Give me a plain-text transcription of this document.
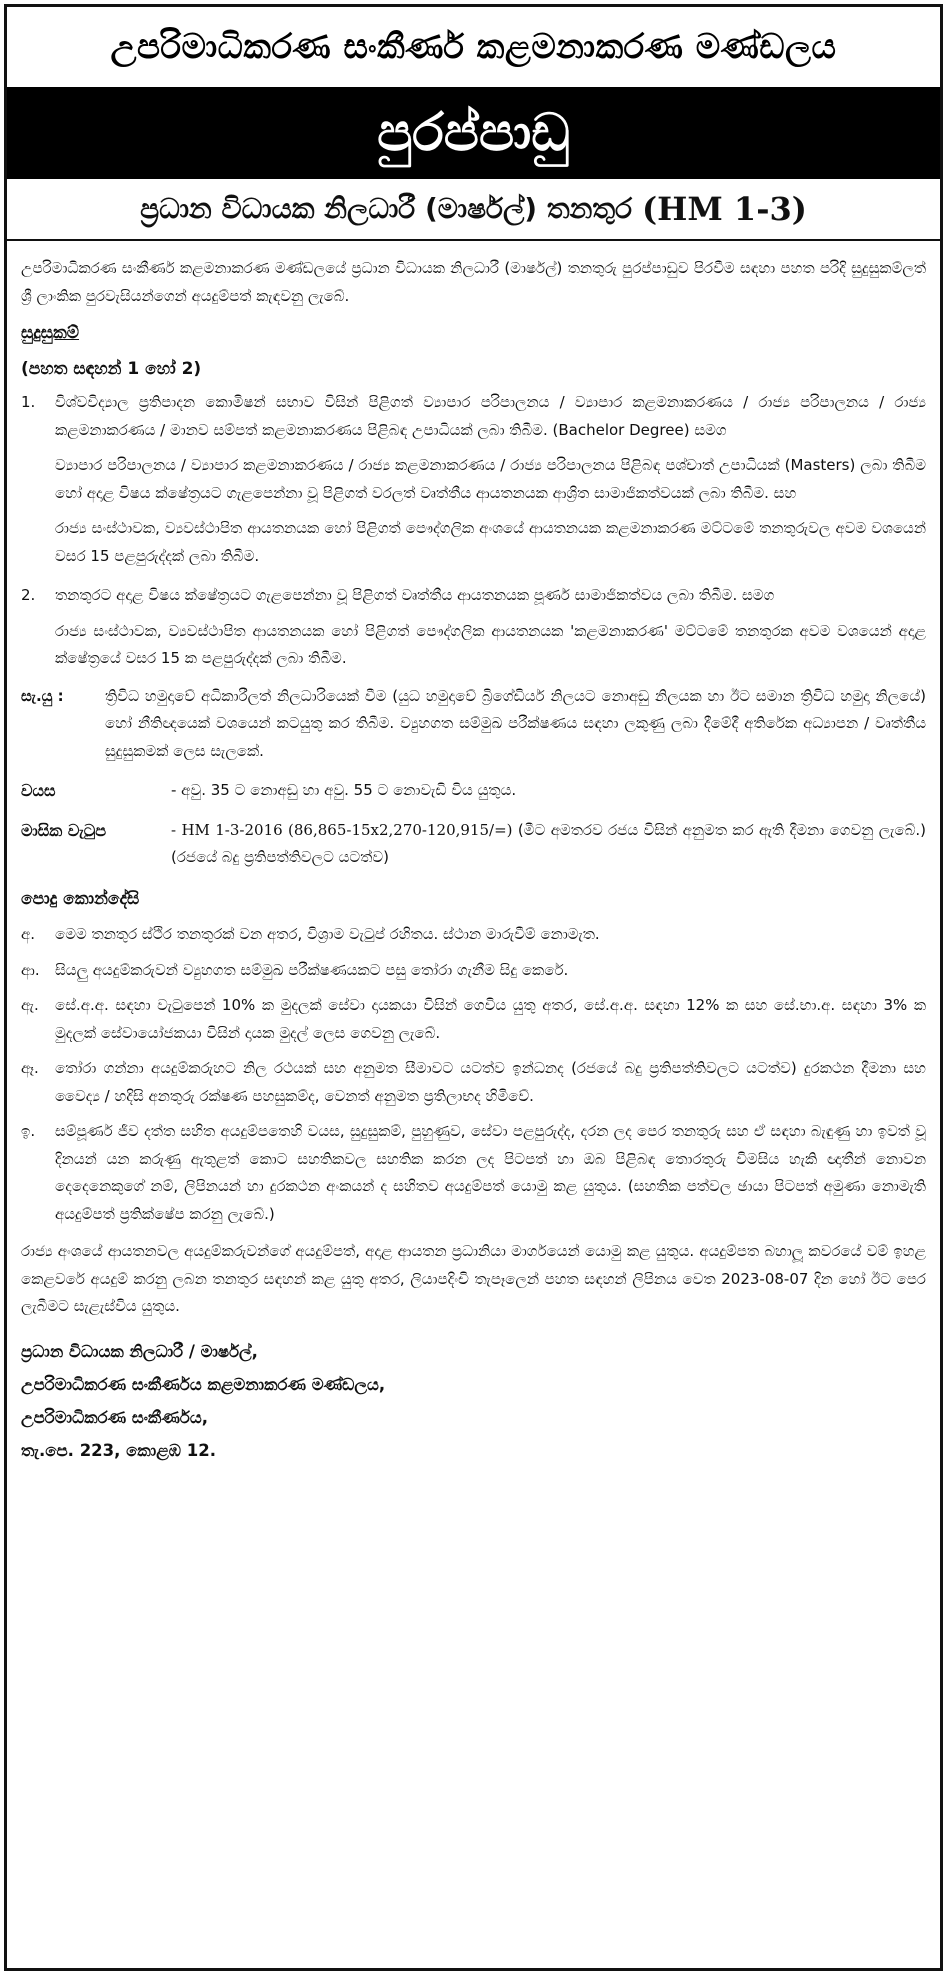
උපරිමාධිකරණ සංකීර්ණ කළමනාකරණ මණ්ඩලය
පුරප්පාඩු
ප්‍රධාන විධායක නිලධාරී (මාර්ෂල්) තනතුර (HM 1-3)

උපරිමාධිකරණ සංකීර්ණ කළමනාකරණ මණ්ඩලයේ ප්‍රධාන විධායක නිලධාරී (මාර්ෂල්) තනතුරු පුරප්පාඩුව පිරවීම සඳහා පහත පරිදි සුදුසුකම්ලත් ශ්‍රී ලාංකික පුරවැසියන්ගෙන් අයදුම්පත් කැඳවනු ලැබේ.

සුදුසුකම්
(පහත සඳහන් 1 හෝ 2)
1.	විශ්වවිද්‍යාල ප්‍රතිපාදන කොමිෂන් සභාව විසින් පිළිගත් ව්‍යාපාර පරිපාලනය / ව්‍යාපාර කළමනාකරණය / රාජ්‍ය පරිපාලනය / රාජ්‍ය කළමනාකරණය / මානව සම්පත් කළමනාකරණය පිළිබඳ උපාධියක් ලබා තිබීම. (Bachelor Degree) සමග

ව්‍යාපාර පරිපාලනය / ව්‍යාපාර කළමනාකරණය / රාජ්‍ය කළමනාකරණය / රාජ්‍ය පරිපාලනය පිළිබඳ පශ්චාත් උපාධියක් (Masters) ලබා තිබීම හෝ අදාළ විෂය ක්ෂේත්‍රයට ගැළපෙන්නා වූ පිළිගත් වරලත් වෘත්තීය ආයතනයක ආශ්‍රිත සාමාජිකත්වයක් ලබා තිබීම. සහ

රාජ්‍ය සංස්ථාවක, ව්‍යවස්ථාපිත ආයතනයක හෝ පිළිගත් පෞද්ගලික අංශයේ ආයතනයක කළමනාකරණ මට්ටමේ තනතුරුවල අවම වශයෙන් වසර 15 පළපුරුද්දක් ලබා තිබීම.

2.	තනතුරට අදාළ විෂය ක්ෂේත්‍රයට ගැළපෙන්නා වූ පිළිගත් වෘත්තීය ආයතනයක පූර්ණ සාමාජිකත්වය ලබා තිබීම. සමග

රාජ්‍ය සංස්ථාවක, ව්‍යවස්ථාපිත ආයතනයක හෝ පිළිගත් පෞද්ගලික ආයතනයක 'කළමනාකරණ' මට්ටමේ තනතුරක අවම වශයෙන් අදාළ ක්ෂේත්‍රයේ වසර 15 ක පළපුරුද්දක් ලබා තිබීම.

සැ.යු :	ත්‍රිවිධ හමුදාවේ අධිකාරීලත් නිලධාරියෙක් වීම (යුධ හමුදාවේ බ්‍රිගේඩියර් නිලයට නොඅඩු නිලයක හා ඊට සමාන ත්‍රිවිධ හමුදා නිලයේ) හෝ නීතිඥයෙක් වශයෙන් කටයුතු කර තිබීම. ව්‍යුහගත සම්මුඛ පරීක්ෂණය සඳහා ලකුණු ලබා දීමේදී අතිරේක අධ්‍යාපන / වෘත්තීය සුදුසුකමක් ලෙස සැලකේ.

වයස	- අවු. 35 ට නොඅඩු හා අවු. 55 ට නොවැඩි විය යුතුය.
මාසික වැටුප	- HM 1-3-2016 (86,865-15x2,270-120,915/=) (මීට අමතරව රජය විසින් අනුමත කර ඇති දීමනා ගෙවනු ලැබේ.) (රජයේ බදු ප්‍රතිපත්තිවලට යටත්ව)
පොදු කොන්දේසි
අ.	මෙම තනතුර ස්ථිර තනතුරක් වන අතර, විශ්‍රාම වැටුප් රහිතය. ස්ථාන මාරුවීම් නොමැත.

ආ.	සියලු අයදුම්කරුවන් ව්‍යුහගත සම්මුඛ පරීක්ෂණයකට පසු තෝරා ගැනීම සිදු කෙරේ.

ඇ.	සේ.අ.අ. සඳහා වැටුපෙන් 10% ක මුදලක් සේවා දායකයා විසින් ගෙවිය යුතු අතර, සේ.අ.අ. සඳහා 12% ක සහ සේ.භා.අ. සඳහා 3% ක මුදලක් සේවායෝජකයා විසින් දායක මුදල් ලෙස ගෙවනු ලැබේ.

ඈ.	තෝරා ගන්නා අයදුම්කරුහට නිල රථයක් සහ අනුමත සීමාවට යටත්ව ඉන්ධනද (රජයේ බදු ප්‍රතිපත්තිවලට යටත්ව) දුරකථන දීමනා සහ වෛද්‍ය / හදිසි අනතුරු රක්ෂණ පහසුකම්ද, වෙනත් අනුමත ප්‍රතිලාභද හිමිවේ.

ඉ.	සම්පූර්ණ ජීව දත්ත සහිත අයදුම්පතෙහි වයස, සුදුසුකම්, පුහුණුව, සේවා පළපුරුද්ද, දරන ලද පෙර තනතුරු සහ ඒ සඳහා බැඳුණු හා ඉවත් වූ දිනයන් යන කරුණු ඇතුළත් කොට සහතිකවල සහතික කරන ලද පිටපත් හා ඔබ පිළිබඳ තොරතුරු විමසිය හැකි ඥාතීන් නොවන දෙදෙනෙකුගේ නම්, ලිපිනයන් හා දුරකථන අංකයන් ද සහිතව අයදුම්පත් යොමු කළ යුතුය. (සහතික පත්වල ඡායා පිටපත් අමුණා නොමැති අයදුම්පත් ප්‍රතික්ෂේප කරනු ලැබේ.)

රාජ්‍ය අංශයේ ආයතනවල අයදුම්කරුවන්ගේ අයදුම්පත්, අදාළ ආයතන ප්‍රධානියා මාර්ගයෙන් යොමු කළ යුතුය. අයදුම්පත බහාලූ කවරයේ වම් ඉහළ කෙළවරේ අයදුම් කරනු ලබන තනතුර සඳහන් කළ යුතු අතර, ලියාපදිංචි තැපෑලෙන් පහත සඳහන් ලිපිනය වෙත 2023-08-07 දින හෝ ඊට පෙර ලැබීමට සැළැස්විය යුතුය.

ප්‍රධාන විධායක නිලධාරී / මාර්ෂල්,
උපරිමාධිකරණ සංකීර්ණය කළමනාකරණ මණ්ඩලය,
උපරිමාධිකරණ සංකීර්ණය,
තැ.පෙ. 223, කොළඹ 12.
